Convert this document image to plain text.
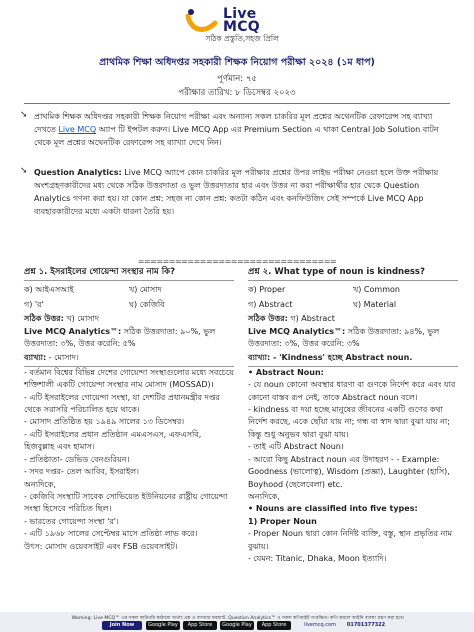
Live
MCQ
সঠিক প্রস্তুতি,সহজ প্রিলি
প্রাথমিক শিক্ষা অধিদপ্তর সহকারী শিক্ষক নিয়োগ পরীক্ষা ২০২৪ (১ম ধাপ)
পূর্ণমান: ৭৫
পরীক্ষার তারিখ: ৮ ডিসেম্বর ২০২৩
➘ প্রাথমিক শিক্ষক অধিদপ্তর সহকারী শিক্ষক নিয়োগ পরীক্ষা এবং অন্যান্য সকল চাকরির মূল প্রশ্নের অথেনটিক রেফারেন্স সহ ব্যাখ্যা দেখতে Live MCQ অ্যাপ টি ইন্সটল করুন। Live MCQ App এর Premium Section এ থাকা Central Job Solution বাটন থেকে মূল প্রশ্নের অথেনটিক রেফারেন্স সহ ব্যাখ্যা দেখে নিন।
➘ Question Analytics: Live MCQ অ্যাপে কোন চাকরির মূল পরীক্ষার প্রশ্নের উপর লাইভ পরীক্ষা নেওয়া হলে উক্ত পরীক্ষায় অংশগ্রহণকারীদের মধ্য থেকে সঠিক উত্তরদাতা ও ভুল উত্তরদাতার হার এবং উত্তর না করা পরীক্ষার্থীর হার থেকে Question Analytics গণনা করা হয়। যা কোন প্রশ্ন: সহজ না কোন প্রশ্ন: কতটা কঠিন এবং কনফিউজিং সেই সম্পর্কে Live MCQ App ব্যবহারকারীদের মধ্যে একটা ধারনা তৈরি হয়।
================================
প্রশ্ন ১. ইসরাইলের গোয়েন্দা সংস্থার নাম কি?
ক) আইএসআই	খ) মোসাদ
গ) 'র'	ঘ) কেজিবি
সঠিক উত্তর: খ) মোসাদ
Live MCQ Analytics™: সঠিক উত্তরদাতা: ৯০%, ভুল উত্তরদাতা: ৩%, উত্তর করেনি: ৫%
ব্যাখ্যা: - মোসাদ।

- বর্তমান বিশ্বের বিভিন্ন দেশের গোয়েন্দা সংস্থাগুলোর মধ্যে সবচেয়ে শক্তিশালী একটি গোয়েন্দা সংস্থার নাম মোসাদ (MOSSAD)।

- এটি ইসরাইলের গোয়েন্দা সংস্থা, যা দেশটির প্রধানমন্ত্রীর দপ্তর থেকে সরাসরি পরিচালিত হয়ে থাকে।

- মোসাদ প্রতিষ্ঠিত হয় ১৯৪৯ সালের ১৩ ডিসেম্বর।

- এটি ইসরাইলের প্রধান প্রতিষ্ঠান এমএসএস, এফএসবি, হিজবুল্লাহ এবং হামাস।

- প্রতিষ্ঠাতা- ডেভিড বেনগুরিয়ন।

- সদর দপ্তর- তেল আবিব, ইসরাইল।

অন্যদিকে,

- কেজিবি সংস্থাটি সাবেক সোভিয়েত ইউনিয়নের রাষ্ট্রীয় গোয়েন্দা সংস্থা হিসেবে পরিচিত ছিল।

- ভারতের গোয়েন্দা সংস্থা 'র'।

- এটি ১৯৬৮ সালের সেপ্টেম্বর মাসে প্রতিষ্ঠা লাভ করে।

উৎস: মোসাদ ওয়েবসাইট এবং FSB ওয়েবসাইট।

প্রশ্ন ২. What type of noun is kindness?
ক) Proper	খ) Common
গ) Abstract	ঘ) Material
সঠিক উত্তর: গ) Abstract
Live MCQ Analytics™: সঠিক উত্তরদাতা: ৯৪%, ভুল উত্তরদাতা: ৩%, উত্তর করেনি: ৩%
ব্যাখ্যা: - 'Kindness' হচ্ছে Abstract noun.

• Abstract Noun:

- যে noun কোনো অবস্থার ধারণা বা গুণকে নির্দেশ করে এবং যার কোনো বাস্তব রূপ নেই, তাকে Abstract noun বলে।

- kindness বা দয়া হচ্ছে মানুষের জীবনের একটি গুণের কথা নির্দেশ করছে, একে ছোঁয়া যায় না; গন্ধ বা স্বাদ দ্বারা বুঝা যায় না; কিন্তু শুধু অনুভব দ্বারা বুঝা যায়।

- তাই এটি Abstract Noun।

- আরো কিছু Abstract noun এর উদাহরণ - - Example: Goodness (ভালোত্ব), Wisdom (প্রজ্ঞা), Laughter (হাসি), Boyhood (ছেলেবেলা) etc.

অন্যদিকে,

• Nouns are classified into five types:

1) Proper Noun

- Proper Noun দ্বারা কোন নির্দিষ্ট ব্যক্তি, বস্তু, স্থান প্রভৃতির নাম বুঝায়।

- যেমন: Titanic, Dhaka, Moon ইত্যাদি।

Warning: Live MCQ™ এর সকল কারিগরি কাঠামো অর্থাৎ প্রশ্ন ও ব্যাখ্যার ফরম্যাট, Question Analytics™ ও সকল কপিরাইট সংরক্ষিত। কপি করলে আইনি ব্যবস্থা গ্রহণ করা হবে।
Join Now	Google Play	App Store	Google Play	App Store	livemcq.com	01701377322
